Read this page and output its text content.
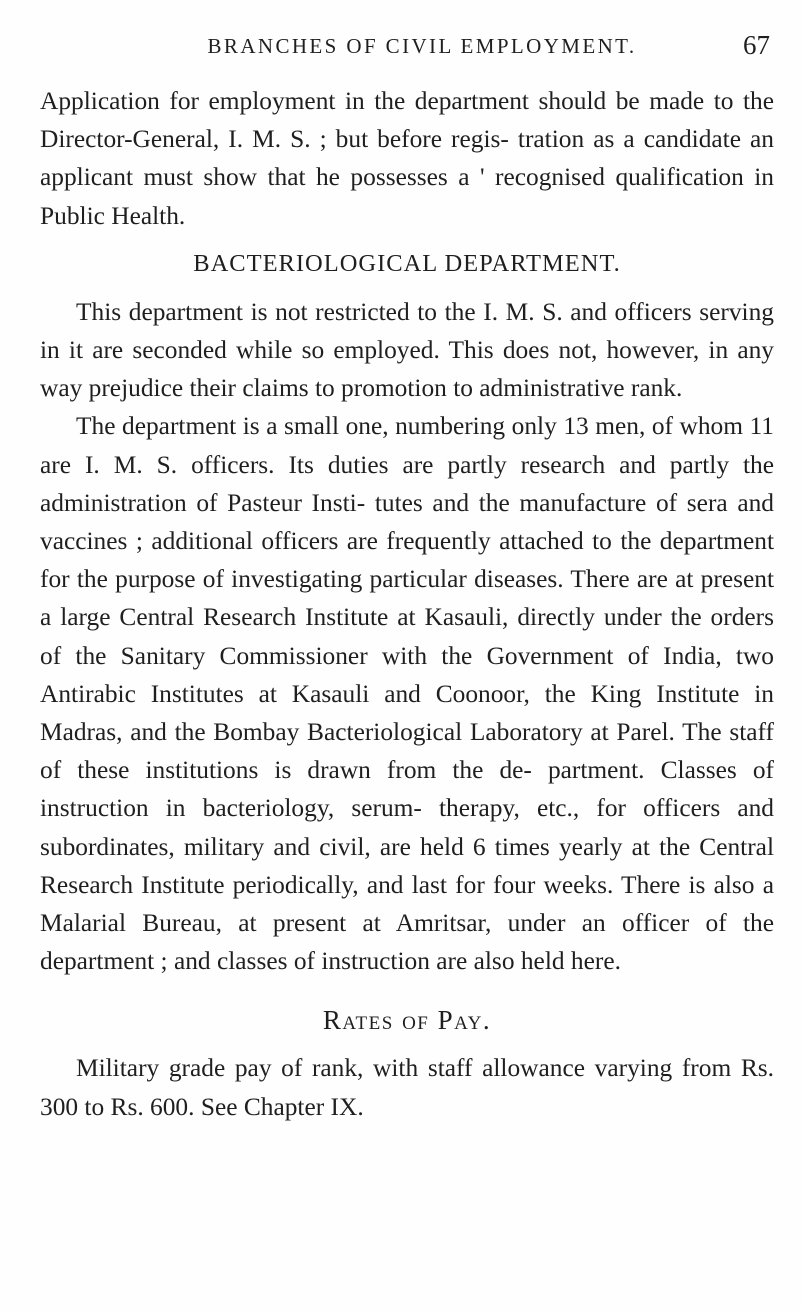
BRANCHES OF CIVIL EMPLOYMENT.	67

Application for employment in the department should be made to the Director-General, I. M. S. ; but before regis- tration as a candidate an applicant must show that he possesses a ' recognised qualification in Public Health.

BACTERIOLOGICAL DEPARTMENT.

This department is not restricted to the I. M. S. and officers serving in it are seconded while so employed. This does not, however, in any way prejudice their claims to promotion to administrative rank.

The department is a small one, numbering only 13 men, of whom 11 are I. M. S. officers. Its duties are partly research and partly the administration of Pasteur Insti- tutes and the manufacture of sera and vaccines ; additional officers are frequently attached to the department for the purpose of investigating particular diseases. There are at present a large Central Research Institute at Kasauli, directly under the orders of the Sanitary Commissioner with the Government of India, two Antirabic Institutes at Kasauli and Coonoor, the King Institute in Madras, and the Bombay Bacteriological Laboratory at Parel. The staff of these institutions is drawn from the de- partment. Classes of instruction in bacteriology, serum- therapy, etc., for officers and subordinates, military and civil, are held 6 times yearly at the Central Research Institute periodically, and last for four weeks. There is also a Malarial Bureau, at present at Amritsar, under an officer of the department ; and classes of instruction are also held here.

Rates of Pay.

Military grade pay of rank, with staff allowance varying from Rs. 300 to Rs. 600. See Chapter IX.
